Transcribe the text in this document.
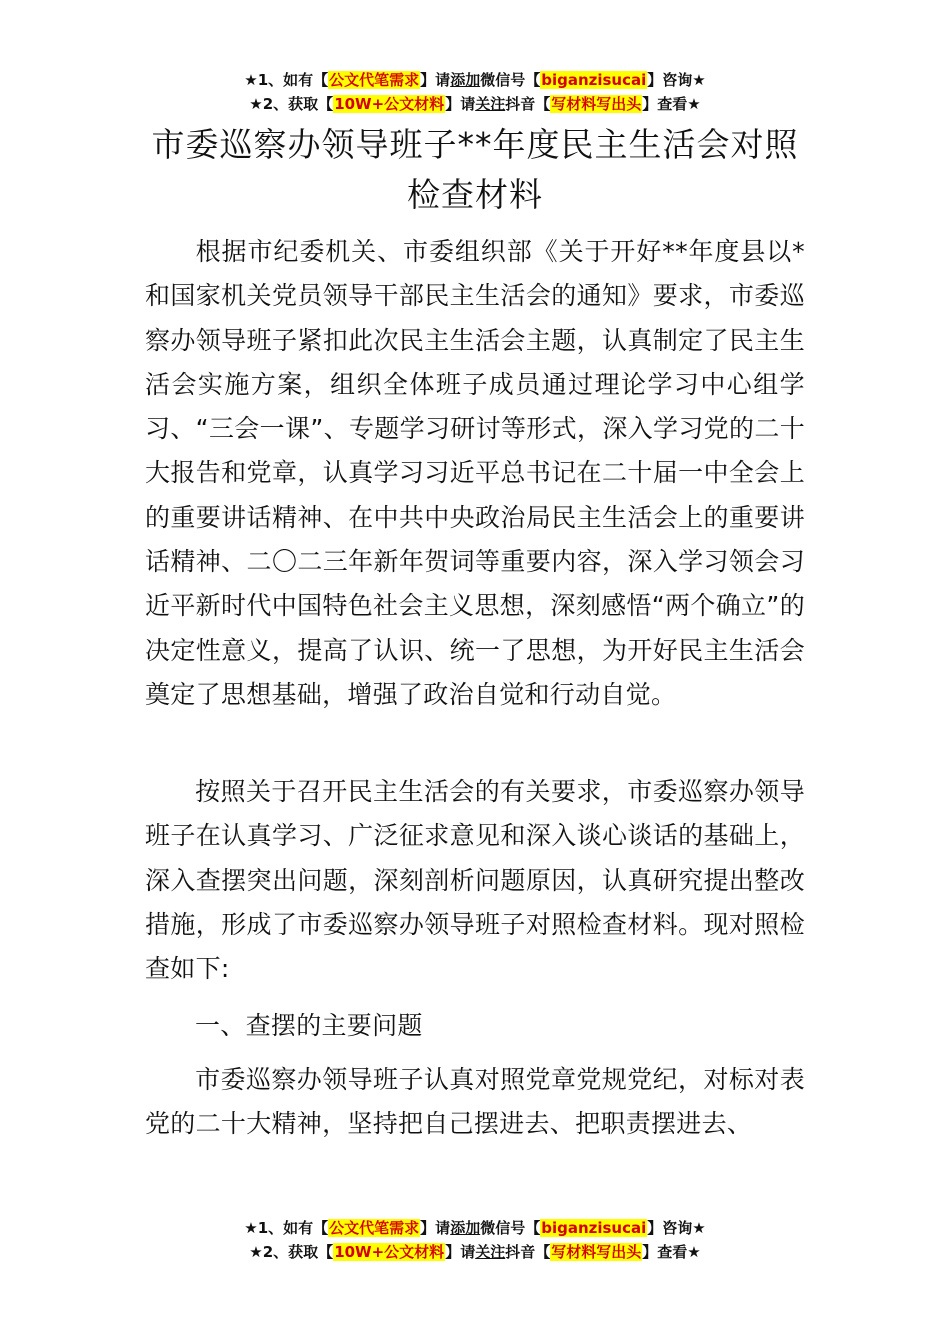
★1、如有【公文代笔需求】请添加微信号【biganzisucai】咨询★
★2、获取【10W+公文材料】请关注抖音【写材料写出头】查看★
市委巡察办领导班子**年度民主生活会对照检查材料

根据市纪委机关、市委组织部《关于开好**年度县以*和国家机关党员领导干部民主生活会的通知》要求，市委巡察办领导班子紧扣此次民主生活会主题，认真制定了民主生活会实施方案，组织全体班子成员通过理论学习中心组学习、“三会一课”、专题学习研讨等形式，深入学习党的二十大报告和党章，认真学习习近平总书记在二十届一中全会上的重要讲话精神、在中共中央政治局民主生活会上的重要讲话精神、二〇二三年新年贺词等重要内容，深入学习领会习近平新时代中国特色社会主义思想，深刻感悟“两个确立”的决定性意义，提高了认识、统一了思想，为开好民主生活会奠定了思想基础，增强了政治自觉和行动自觉。

按照关于召开民主生活会的有关要求，市委巡察办领导班子在认真学习、广泛征求意见和深入谈心谈话的基础上，深入查摆突出问题，深刻剖析问题原因，认真研究提出整改措施，形成了市委巡察办领导班子对照检查材料。现对照检查如下:

一、查摆的主要问题

市委巡察办领导班子认真对照党章党规党纪，对标对表党的二十大精神，坚持把自己摆进去、把职责摆进去、

★1、如有【公文代笔需求】请添加微信号【biganzisucai】咨询★
★2、获取【10W+公文材料】请关注抖音【写材料写出头】查看★
